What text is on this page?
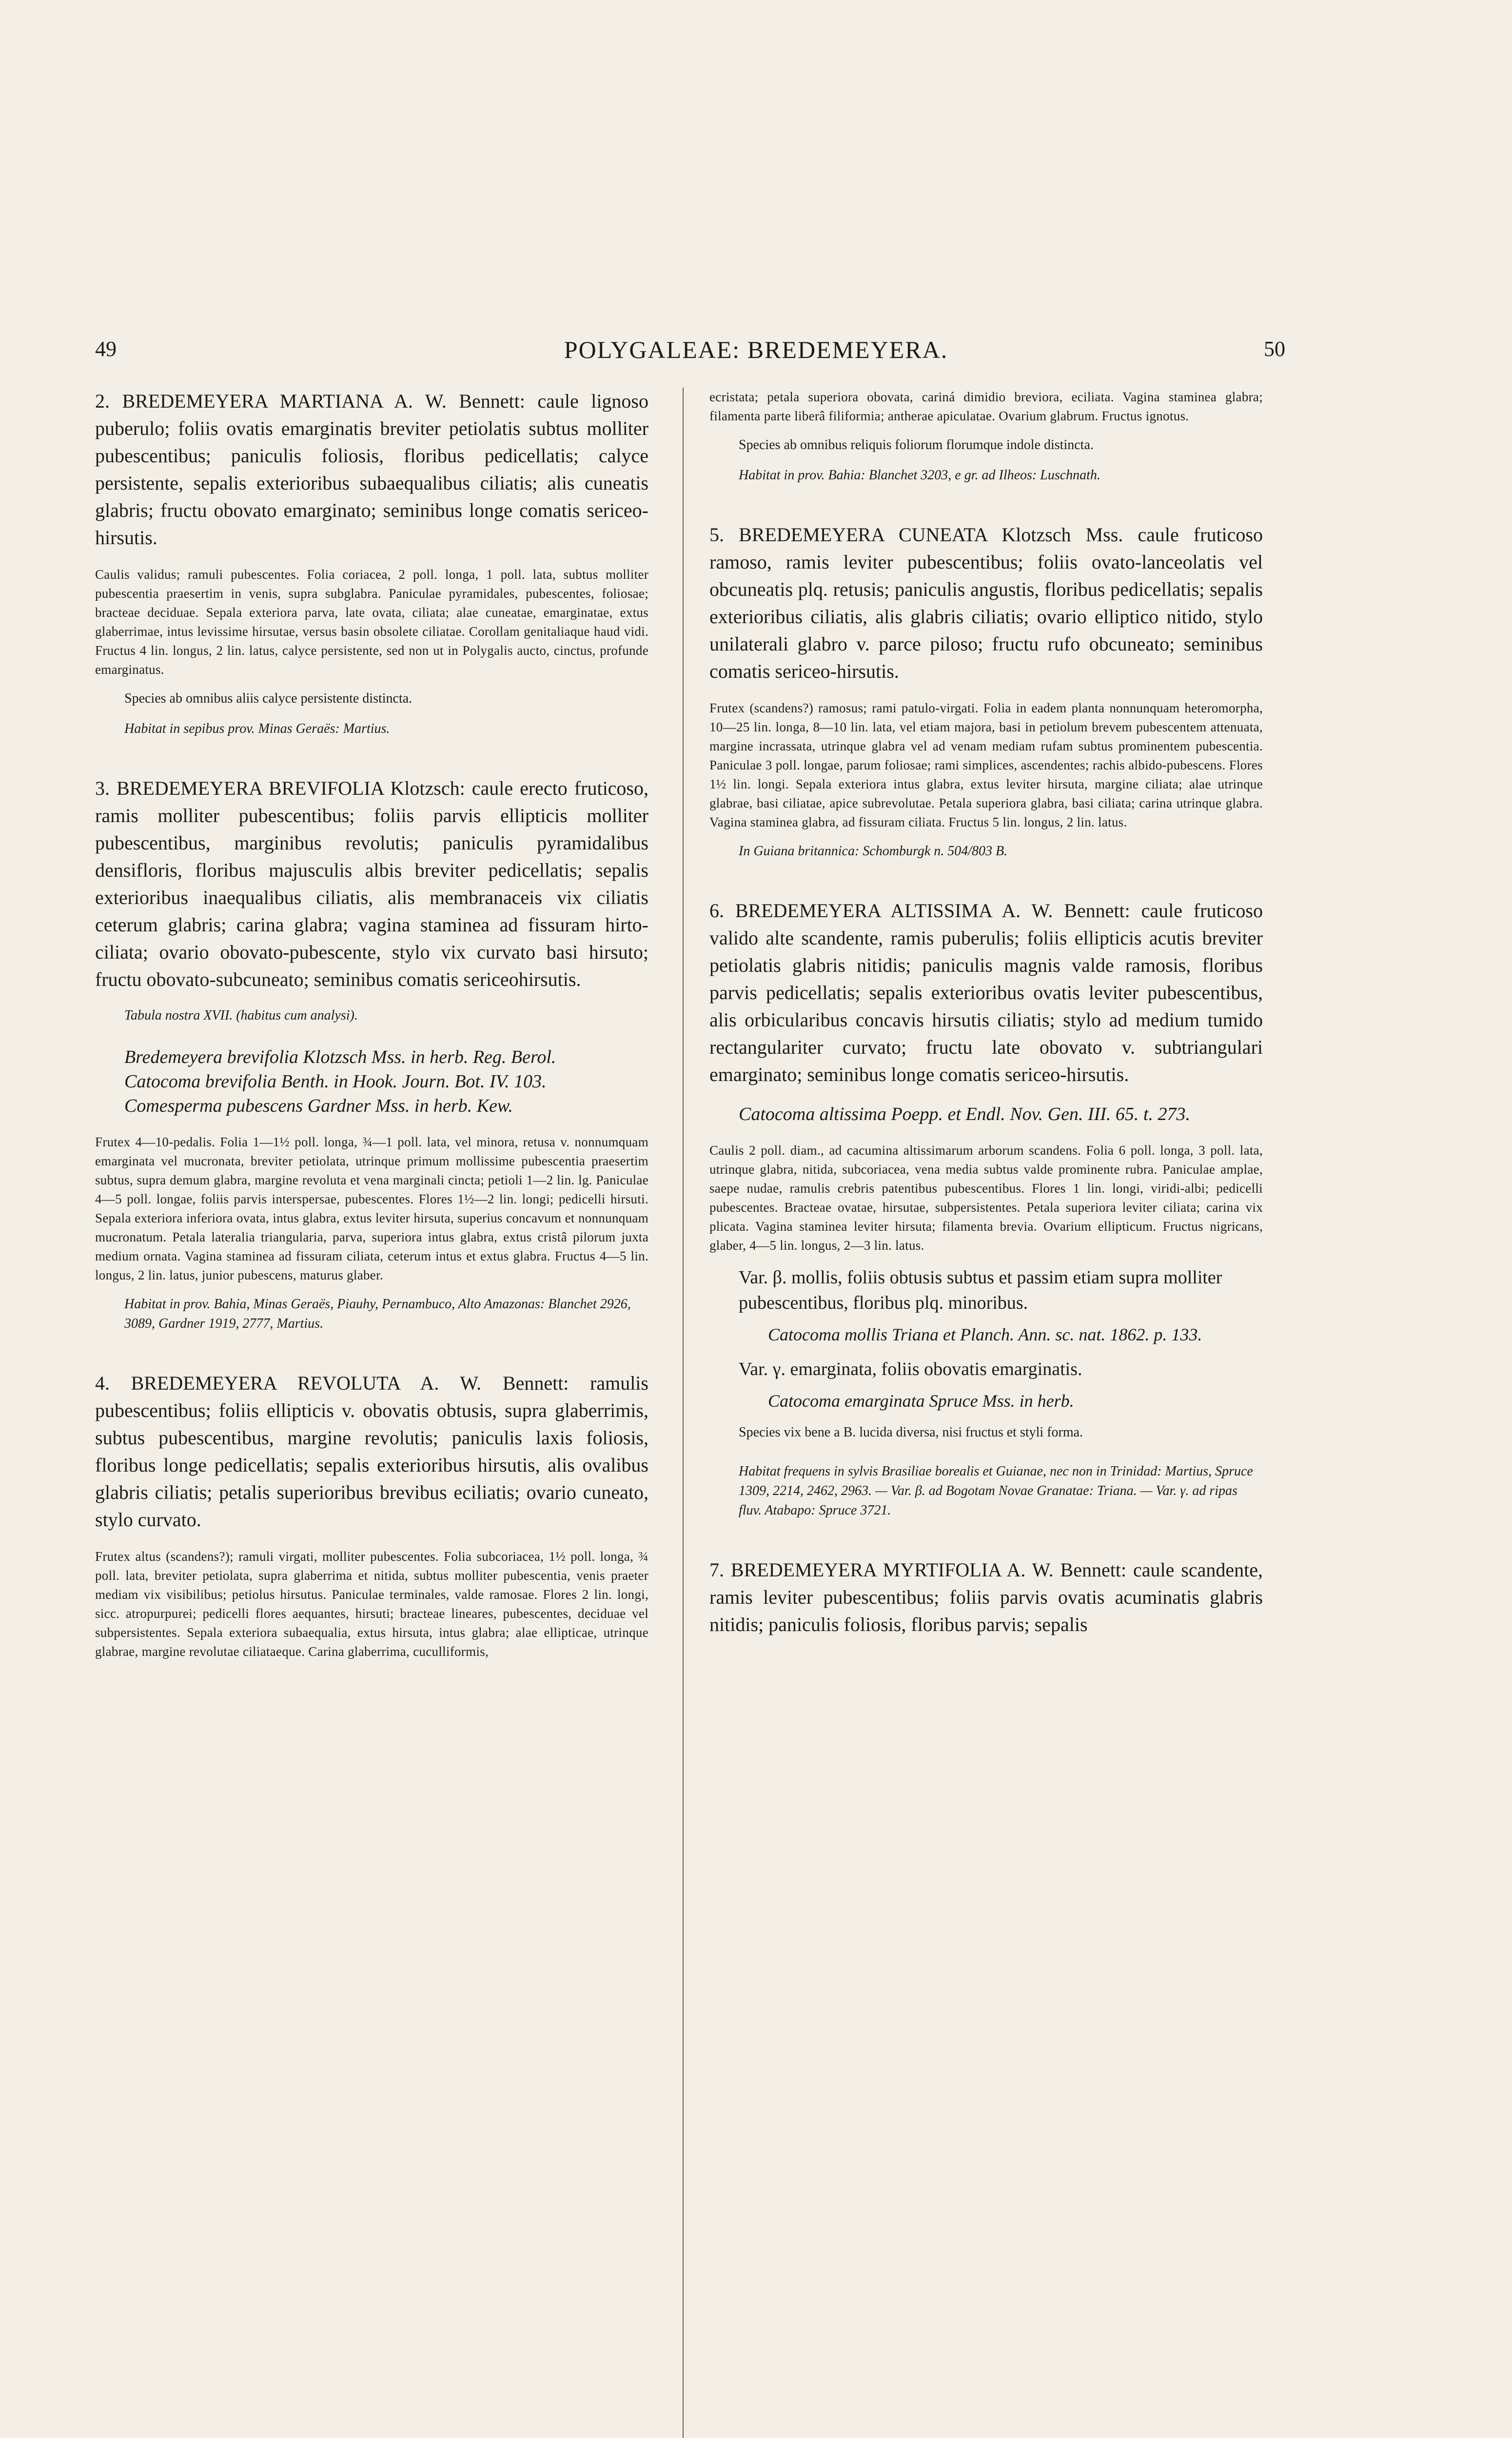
49	POLYGALEAE: BREDEMEYERA.	50

2. BREDEMEYERA MARTIANA A. W. Bennett: caule lignoso puberulo; foliis ovatis emarginatis breviter petiolatis subtus molliter pubescentibus; paniculis foliosis, floribus pedicellatis; calyce persistente, sepalis exterioribus subaequalibus ciliatis; alis cuneatis glabris; fructu obovato emarginato; seminibus longe comatis sericeo-hirsutis.

Caulis validus; ramuli pubescentes. Folia coriacea, 2 poll. longa, 1 poll. lata, subtus molliter pubescentia praesertim in venis, supra subglabra. Paniculae pyramidales, pubescentes, foliosae; bracteae deciduae. Sepala exteriora parva, late ovata, ciliata; alae cuneatae, emarginatae, extus glaberrimae, intus levissime hirsutae, versus basin obsolete ciliatae. Corollam genitaliaque haud vidi. Fructus 4 lin. longus, 2 lin. latus, calyce persistente, sed non ut in Polygalis aucto, cinctus, profunde emarginatus.

Species ab omnibus aliis calyce persistente distincta.

Habitat in sepibus prov. Minas Geraës: Martius.

3. BREDEMEYERA BREVIFOLIA Klotzsch: caule erecto fruticoso, ramis molliter pubescentibus; foliis parvis ellipticis molliter pubescentibus, marginibus revolutis; paniculis pyramidalibus densifloris, floribus majusculis albis breviter pedicellatis; sepalis exterioribus inaequalibus ciliatis, alis membranaceis vix ciliatis ceterum glabris; carina glabra; vagina staminea ad fissuram hirto-ciliata; ovario obovato-pubescente, stylo vix curvato basi hirsuto; fructu obovato-subcuneato; seminibus comatis sericeohirsutis.

Tabula nostra XVII. (habitus cum analysi).

Bredemeyera brevifolia Klotzsch Mss. in herb. Reg. Berol.

Catocoma brevifolia Benth. in Hook. Journ. Bot. IV. 103.

Comesperma pubescens Gardner Mss. in herb. Kew.

Frutex 4—10-pedalis. Folia 1—1½ poll. longa, ¾—1 poll. lata, vel minora, retusa v. nonnumquam emarginata vel mucronata, breviter petiolata, utrinque primum mollissime pubescentia praesertim subtus, supra demum glabra, margine revoluta et vena marginali cincta; petioli 1—2 lin. lg. Paniculae 4—5 poll. longae, foliis parvis interspersae, pubescentes. Flores 1½—2 lin. longi; pedicelli hirsuti. Sepala exteriora inferiora ovata, intus glabra, extus leviter hirsuta, superius concavum et nonnunquam mucronatum. Petala lateralia triangularia, parva, superiora intus glabra, extus cristâ pilorum juxta medium ornata. Vagina staminea ad fissuram ciliata, ceterum intus et extus glabra. Fructus 4—5 lin. longus, 2 lin. latus, junior pubescens, maturus glaber.

Habitat in prov. Bahia, Minas Geraës, Piauhy, Pernambuco, Alto Amazonas: Blanchet 2926, 3089, Gardner 1919, 2777, Martius.

4. BREDEMEYERA REVOLUTA A. W. Bennett: ramulis pubescentibus; foliis ellipticis v. obovatis obtusis, supra glaberrimis, subtus pubescentibus, margine revolutis; paniculis laxis foliosis, floribus longe pedicellatis; sepalis exterioribus hirsutis, alis ovalibus glabris ciliatis; petalis superioribus brevibus eciliatis; ovario cuneato, stylo curvato.

Frutex altus (scandens?); ramuli virgati, molliter pubescentes. Folia subcoriacea, 1½ poll. longa, ¾ poll. lata, breviter petiolata, supra glaberrima et nitida, subtus molliter pubescentia, venis praeter mediam vix visibilibus; petiolus hirsutus. Paniculae terminales, valde ramosae. Flores 2 lin. longi, sicc. atropurpurei; pedicelli flores aequantes, hirsuti; bracteae lineares, pubescentes, deciduae vel subpersistentes. Sepala exteriora subaequalia, extus hirsuta, intus glabra; alae ellipticae, utrinque glabrae, margine revolutae ciliataeque. Carina glaberrima, cuculliformis,

ecristata; petala superiora obovata, cariná dimidio breviora, eciliata. Vagina staminea glabra; filamenta parte liberâ filiformia; antherae apiculatae. Ovarium glabrum. Fructus ignotus.

Species ab omnibus reliquis foliorum florumque indole distincta.

Habitat in prov. Bahia: Blanchet 3203, e gr. ad Ilheos: Luschnath.

5. BREDEMEYERA CUNEATA Klotzsch Mss. caule fruticoso ramoso, ramis leviter pubescentibus; foliis ovato-lanceolatis vel obcuneatis plq. retusis; paniculis angustis, floribus pedicellatis; sepalis exterioribus ciliatis, alis glabris ciliatis; ovario elliptico nitido, stylo unilaterali glabro v. parce piloso; fructu rufo obcuneato; seminibus comatis sericeo-hirsutis.

Frutex (scandens?) ramosus; rami patulo-virgati. Folia in eadem planta nonnunquam heteromorpha, 10—25 lin. longa, 8—10 lin. lata, vel etiam majora, basi in petiolum brevem pubescentem attenuata, margine incrassata, utrinque glabra vel ad venam mediam rufam subtus prominentem pubescentia. Paniculae 3 poll. longae, parum foliosae; rami simplices, ascendentes; rachis albido-pubescens. Flores 1½ lin. longi. Sepala exteriora intus glabra, extus leviter hirsuta, margine ciliata; alae utrinque glabrae, basi ciliatae, apice subrevolutae. Petala superiora glabra, basi ciliata; carina utrinque glabra. Vagina staminea glabra, ad fissuram ciliata. Fructus 5 lin. longus, 2 lin. latus.

In Guiana britannica: Schomburgk n. 504/803 B.

6. BREDEMEYERA ALTISSIMA A. W. Bennett: caule fruticoso valido alte scandente, ramis puberulis; foliis ellipticis acutis breviter petiolatis glabris nitidis; paniculis magnis valde ramosis, floribus parvis pedicellatis; sepalis exterioribus ovatis leviter pubescentibus, alis orbicularibus concavis hirsutis ciliatis; stylo ad medium tumido rectangulariter curvato; fructu late obovato v. subtriangulari emarginato; seminibus longe comatis sericeo-hirsutis.

Catocoma altissima Poepp. et Endl. Nov. Gen. III. 65. t. 273.

Caulis 2 poll. diam., ad cacumina altissimarum arborum scandens. Folia 6 poll. longa, 3 poll. lata, utrinque glabra, nitida, subcoriacea, vena media subtus valde prominente rubra. Paniculae amplae, saepe nudae, ramulis crebris patentibus pubescentibus. Flores 1 lin. longi, viridi-albi; pedicelli pubescentes. Bracteae ovatae, hirsutae, subpersistentes. Petala superiora leviter ciliata; carina vix plicata. Vagina staminea leviter hirsuta; filamenta brevia. Ovarium ellipticum. Fructus nigricans, glaber, 4—5 lin. longus, 2—3 lin. latus.

Var. β. mollis, foliis obtusis subtus et passim etiam supra molliter pubescentibus, floribus plq. minoribus.

Catocoma mollis Triana et Planch. Ann. sc. nat. 1862. p. 133.

Var. γ. emarginata, foliis obovatis emarginatis.

Catocoma emarginata Spruce Mss. in herb.

Species vix bene a B. lucida diversa, nisi fructus et styli forma.

Habitat frequens in sylvis Brasiliae borealis et Guianae, nec non in Trinidad: Martius, Spruce 1309, 2214, 2462, 2963. — Var. β. ad Bogotam Novae Granatae: Triana. — Var. γ. ad ripas fluv. Atabapo: Spruce 3721.

7. BREDEMEYERA MYRTIFOLIA A. W. Bennett: caule scandente, ramis leviter pubescentibus; foliis parvis ovatis acuminatis glabris nitidis; paniculis foliosis, floribus parvis; sepalis
